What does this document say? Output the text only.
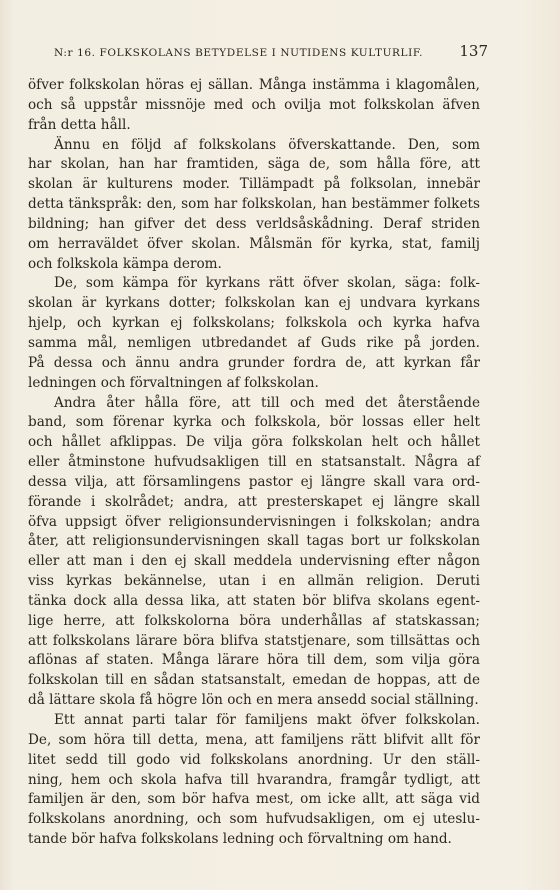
N:r 16. FOLKSKOLANS BETYDELSE I NUTIDENS KULTURLIF. 137
öfver folkskolan höras ej sällan. Många instämma i klagomålen,
och så uppstår missnöje med och ovilja mot folkskolan äfven
från detta håll.
Ännu en följd af folkskolans öfverskattande. Den, som
har skolan, han har framtiden, säga de, som hålla före, att
skolan är kulturens moder. Tillämpadt på folksolan, innebär
detta tänkspråk: den, som har folkskolan, han bestämmer folkets
bildning; han gifver det dess verldsåskådning. Deraf striden
om herraväldet öfver skolan. Målsmän för kyrka, stat, familj
och folkskola kämpa derom.
De, som kämpa för kyrkans rätt öfver skolan, säga: folk-
skolan är kyrkans dotter; folkskolan kan ej undvara kyrkans
hjelp, och kyrkan ej folkskolans; folkskola och kyrka hafva
samma mål, nemligen utbredandet af Guds rike på jorden.
På dessa och ännu andra grunder fordra de, att kyrkan får
ledningen och förvaltningen af folkskolan.
Andra åter hålla före, att till och med det återstående
band, som förenar kyrka och folkskola, bör lossas eller helt
och hållet afklippas. De vilja göra folkskolan helt och hållet
eller åtminstone hufvudsakligen till en statsanstalt. Några af
dessa vilja, att församlingens pastor ej längre skall vara ord-
förande i skolrådet; andra, att presterskapet ej längre skall
öfva uppsigt öfver religionsundervisningen i folkskolan; andra
åter, att religionsundervisningen skall tagas bort ur folkskolan
eller att man i den ej skall meddela undervisning efter någon
viss kyrkas bekännelse, utan i en allmän religion. Deruti
tänka dock alla dessa lika, att staten bör blifva skolans egent-
lige herre, att folkskolorna böra underhållas af statskassan;
att folkskolans lärare böra blifva statstjenare, som tillsättas och
aflönas af staten. Många lärare höra till dem, som vilja göra
folkskolan till en sådan statsanstalt, emedan de hoppas, att de
då lättare skola få högre lön och en mera ansedd social ställning.
Ett annat parti talar för familjens makt öfver folkskolan.
De, som höra till detta, mena, att familjens rätt blifvit allt för
litet sedd till godo vid folkskolans anordning. Ur den ställ-
ning, hem och skola hafva till hvarandra, framgår tydligt, att
familjen är den, som bör hafva mest, om icke allt, att säga vid
folkskolans anordning, och som hufvudsakligen, om ej uteslu-
tande bör hafva folkskolans ledning och förvaltning om hand.
